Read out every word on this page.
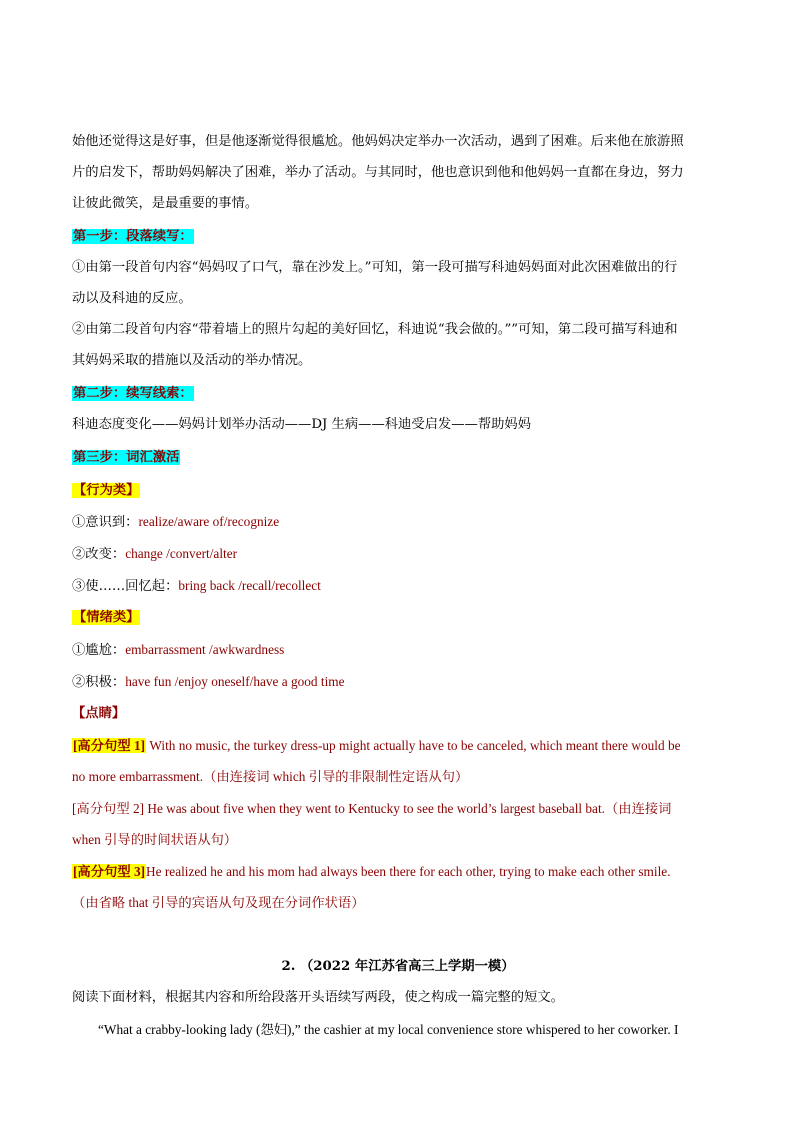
始他还觉得这是好事，但是他逐渐觉得很尴尬。他妈妈决定举办一次活动，遇到了困难。后来他在旅游照
片的启发下，帮助妈妈解决了困难，举办了活动。与其同时，他也意识到他和他妈妈一直都在身边，努力
让彼此微笑，是最重要的事情。
第一步：段落续写：
①由第一段首句内容“妈妈叹了口气，靠在沙发上。”可知，第一段可描写科迪妈妈面对此次困难做出的行
动以及科迪的反应。
②由第二段首句内容“带着墙上的照片勾起的美好回忆，科迪说“我会做的。””可知，第二段可描写科迪和
其妈妈采取的措施以及活动的举办情况。
第二步：续写线索：
科迪态度变化——妈妈计划举办活动——DJ 生病——科迪受启发——帮助妈妈
第三步：词汇激活
【行为类】
①意识到：realize/aware of/recognize
②改变：change /convert/alter
③使……回忆起：bring back /recall/recollect
【情绪类】
①尴尬：embarrassment /awkwardness
②积极：have fun /enjoy oneself/have a good time
【点睛】
[高分句型 1] With no music, the turkey dress-up might actually have to be canceled, which meant there would be
no more embarrassment.（由连接词 which 引导的非限制性定语从句）
[高分句型 2] He was about five when they went to Kentucky to see the world’s largest baseball bat.（由连接词
when 引导的时间状语从句）
[高分句型 3]He realized he and his mom had always been there for each other, trying to make each other smile.
（由省略 that 引导的宾语从句及现在分词作状语）
2. （2022 年江苏省高三上学期一模）
阅读下面材料，根据其内容和所给段落开头语续写两段，使之构成一篇完整的短文。
“What a crabby-looking lady (怨妇),” the cashier at my local convenience store whispered to her coworker. I
